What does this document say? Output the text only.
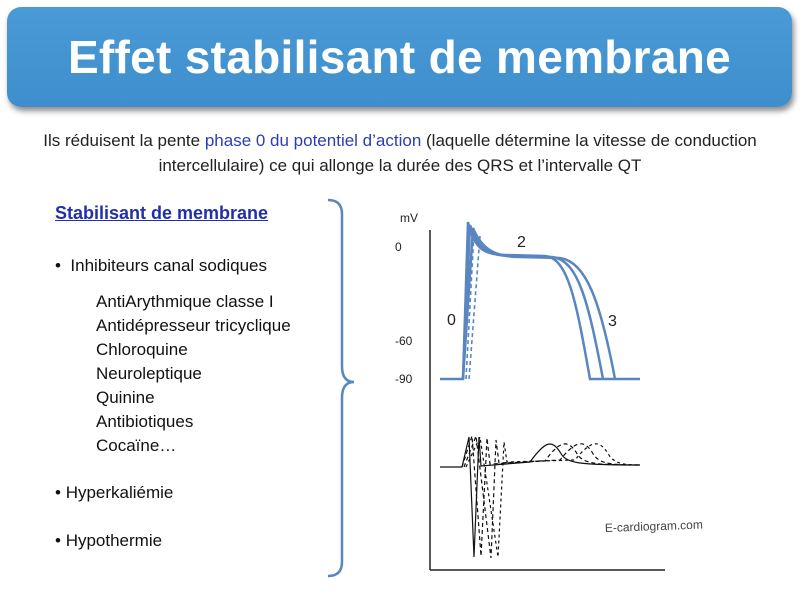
Effet stabilisant de membrane
Ils réduisent la pente phase 0 du potentiel d’action (laquelle détermine la vitesse de conduction intercellulaire) ce qui allonge la durée des QRS et l’intervalle QT
Stabilisant de membrane
•  Inhibiteurs canal sodiques
AntiArythmique classe I
Antidépresseur tricyclique
Chloroquine
Neuroleptique
Quinine
Antibiotiques
Cocaïne…
• Hyperkaliémie
• Hypothermie
mV
0
-60
-90
0
2
3
E-cardiogram.com
